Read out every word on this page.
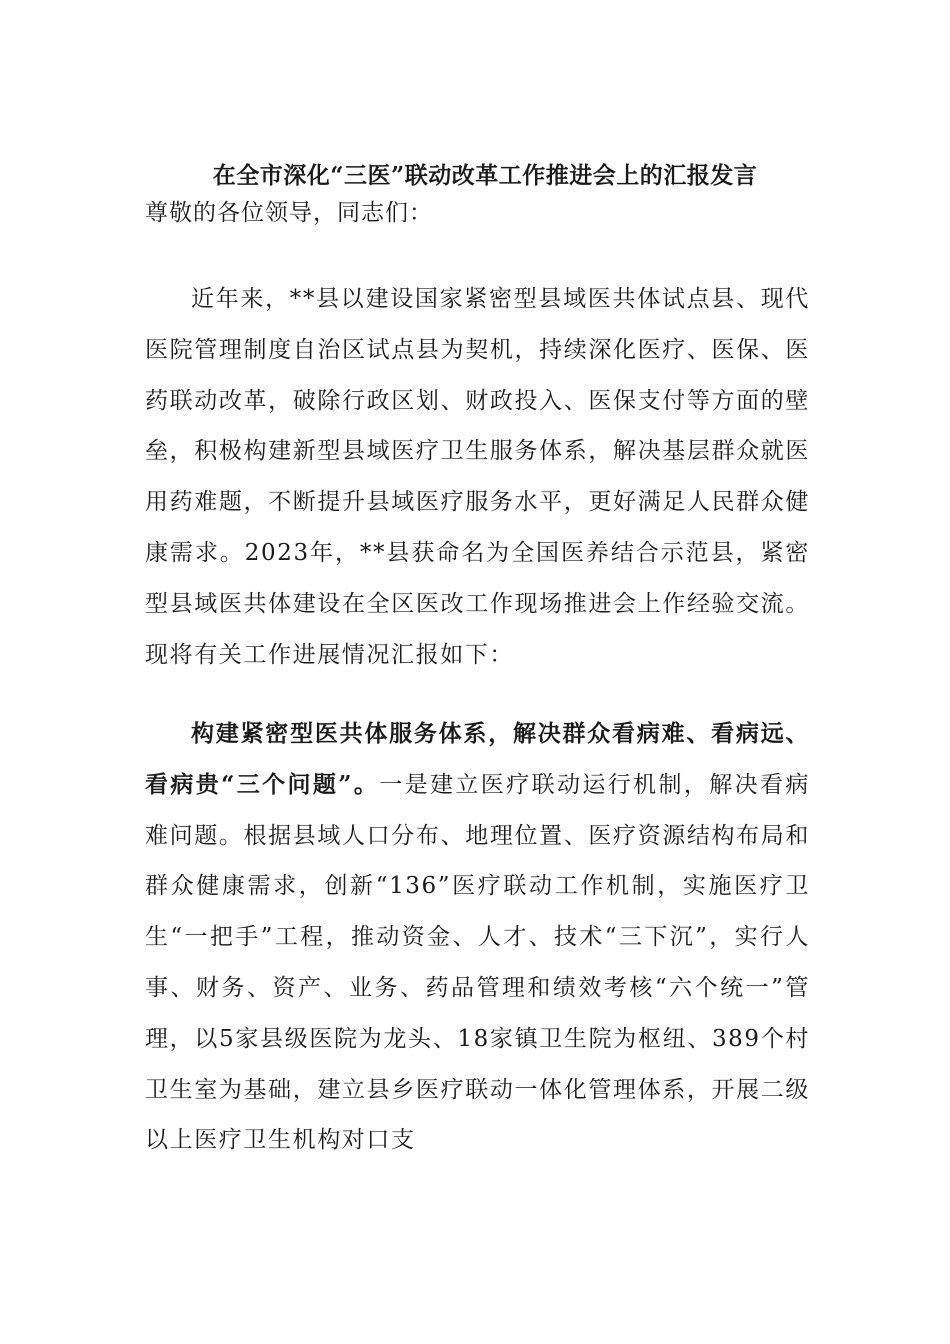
在全市深化“三医”联动改革工作推进会上的汇报发言
尊敬的各位领导，同志们：

近年来，**县以建设国家紧密型县域医共体试点县、现代医院管理制度自治区试点县为契机，持续深化医疗、医保、医药联动改革，破除行政区划、财政投入、医保支付等方面的壁垒，积极构建新型县域医疗卫生服务体系，解决基层群众就医用药难题，不断提升县域医疗服务水平，更好满足人民群众健康需求。2023年，**县获命名为全国医养结合示范县，紧密型县域医共体建设在全区医改工作现场推进会上作经验交流。现将有关工作进展情况汇报如下：

构建紧密型医共体服务体系，解决群众看病难、看病远、看病贵“三个问题”。一是建立医疗联动运行机制，解决看病难问题。根据县域人口分布、地理位置、医疗资源结构布局和群众健康需求，创新“136”医疗联动工作机制，实施医疗卫生“一把手”工程，推动资金、人才、技术“三下沉”，实行人事、财务、资产、业务、药品管理和绩效考核“六个统一”管理，以5家县级医院为龙头、18家镇卫生院为枢纽、389个村卫生室为基础，建立县乡医疗联动一体化管理体系，开展二级以上医疗卫生机构对口支
